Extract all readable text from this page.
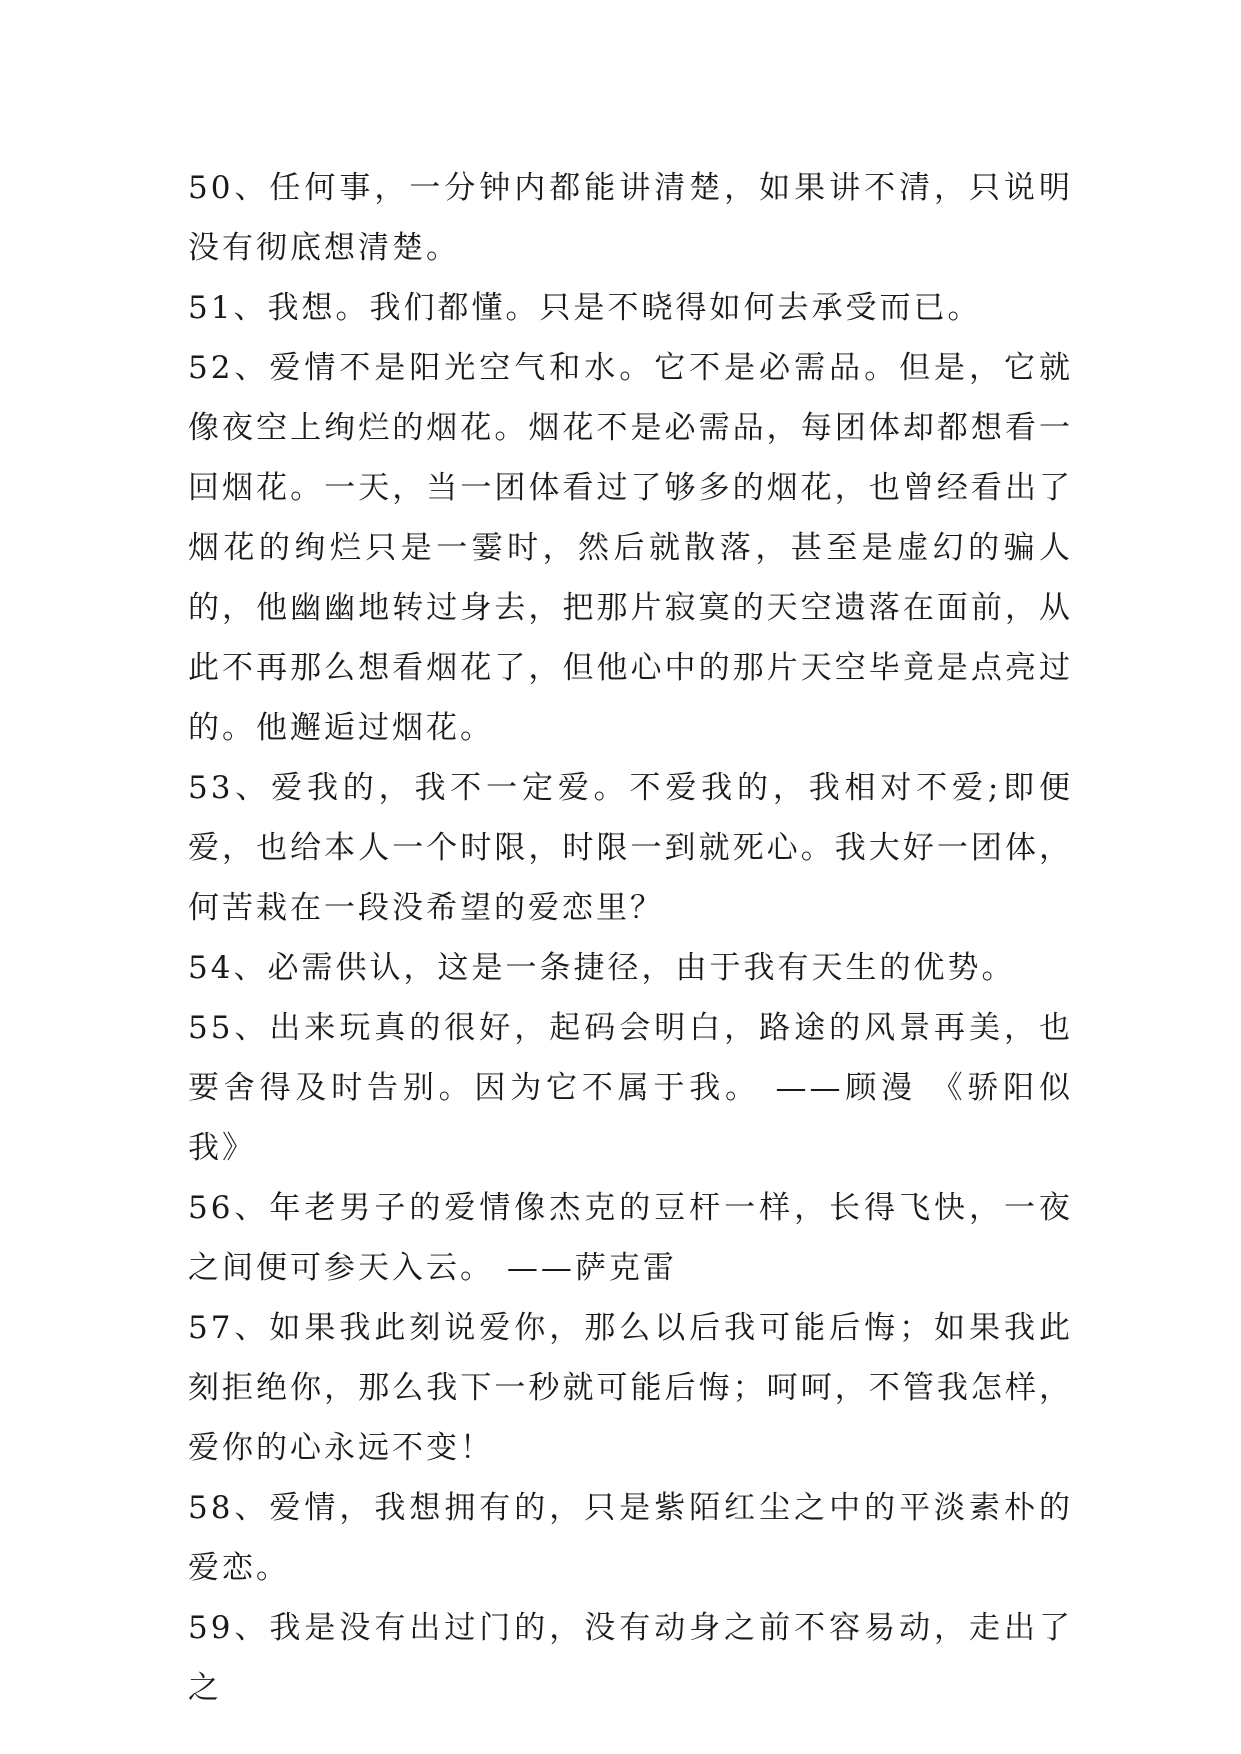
50、任何事，一分钟内都能讲清楚，如果讲不清，只说明没有彻底想清楚。

51、我想。我们都懂。只是不晓得如何去承受而已。

52、爱情不是阳光空气和水。它不是必需品。但是，它就像夜空上绚烂的烟花。烟花不是必需品，每团体却都想看一回烟花。一天，当一团体看过了够多的烟花，也曾经看出了烟花的绚烂只是一霎时，然后就散落，甚至是虚幻的骗人的，他幽幽地转过身去，把那片寂寞的天空遗落在面前，从此不再那么想看烟花了，但他心中的那片天空毕竟是点亮过的。他邂逅过烟花。

53、爱我的，我不一定爱。不爱我的，我相对不爱;即便爱，也给本人一个时限，时限一到就死心。我大好一团体，何苦栽在一段没希望的爱恋里？

54、必需供认，这是一条捷径，由于我有天生的优势。

55、出来玩真的很好，起码会明白，路途的风景再美，也要舍得及时告别。因为它不属于我。 ——顾漫 《骄阳似我》

56、年老男子的爱情像杰克的豆杆一样，长得飞快，一夜之间便可参天入云。 ——萨克雷

57、如果我此刻说爱你，那么以后我可能后悔；如果我此刻拒绝你，那么我下一秒就可能后悔；呵呵，不管我怎样，爱你的心永远不变！

58、爱情，我想拥有的，只是紫陌红尘之中的平淡素朴的爱恋。

59、我是没有出过门的，没有动身之前不容易动，走出了之
